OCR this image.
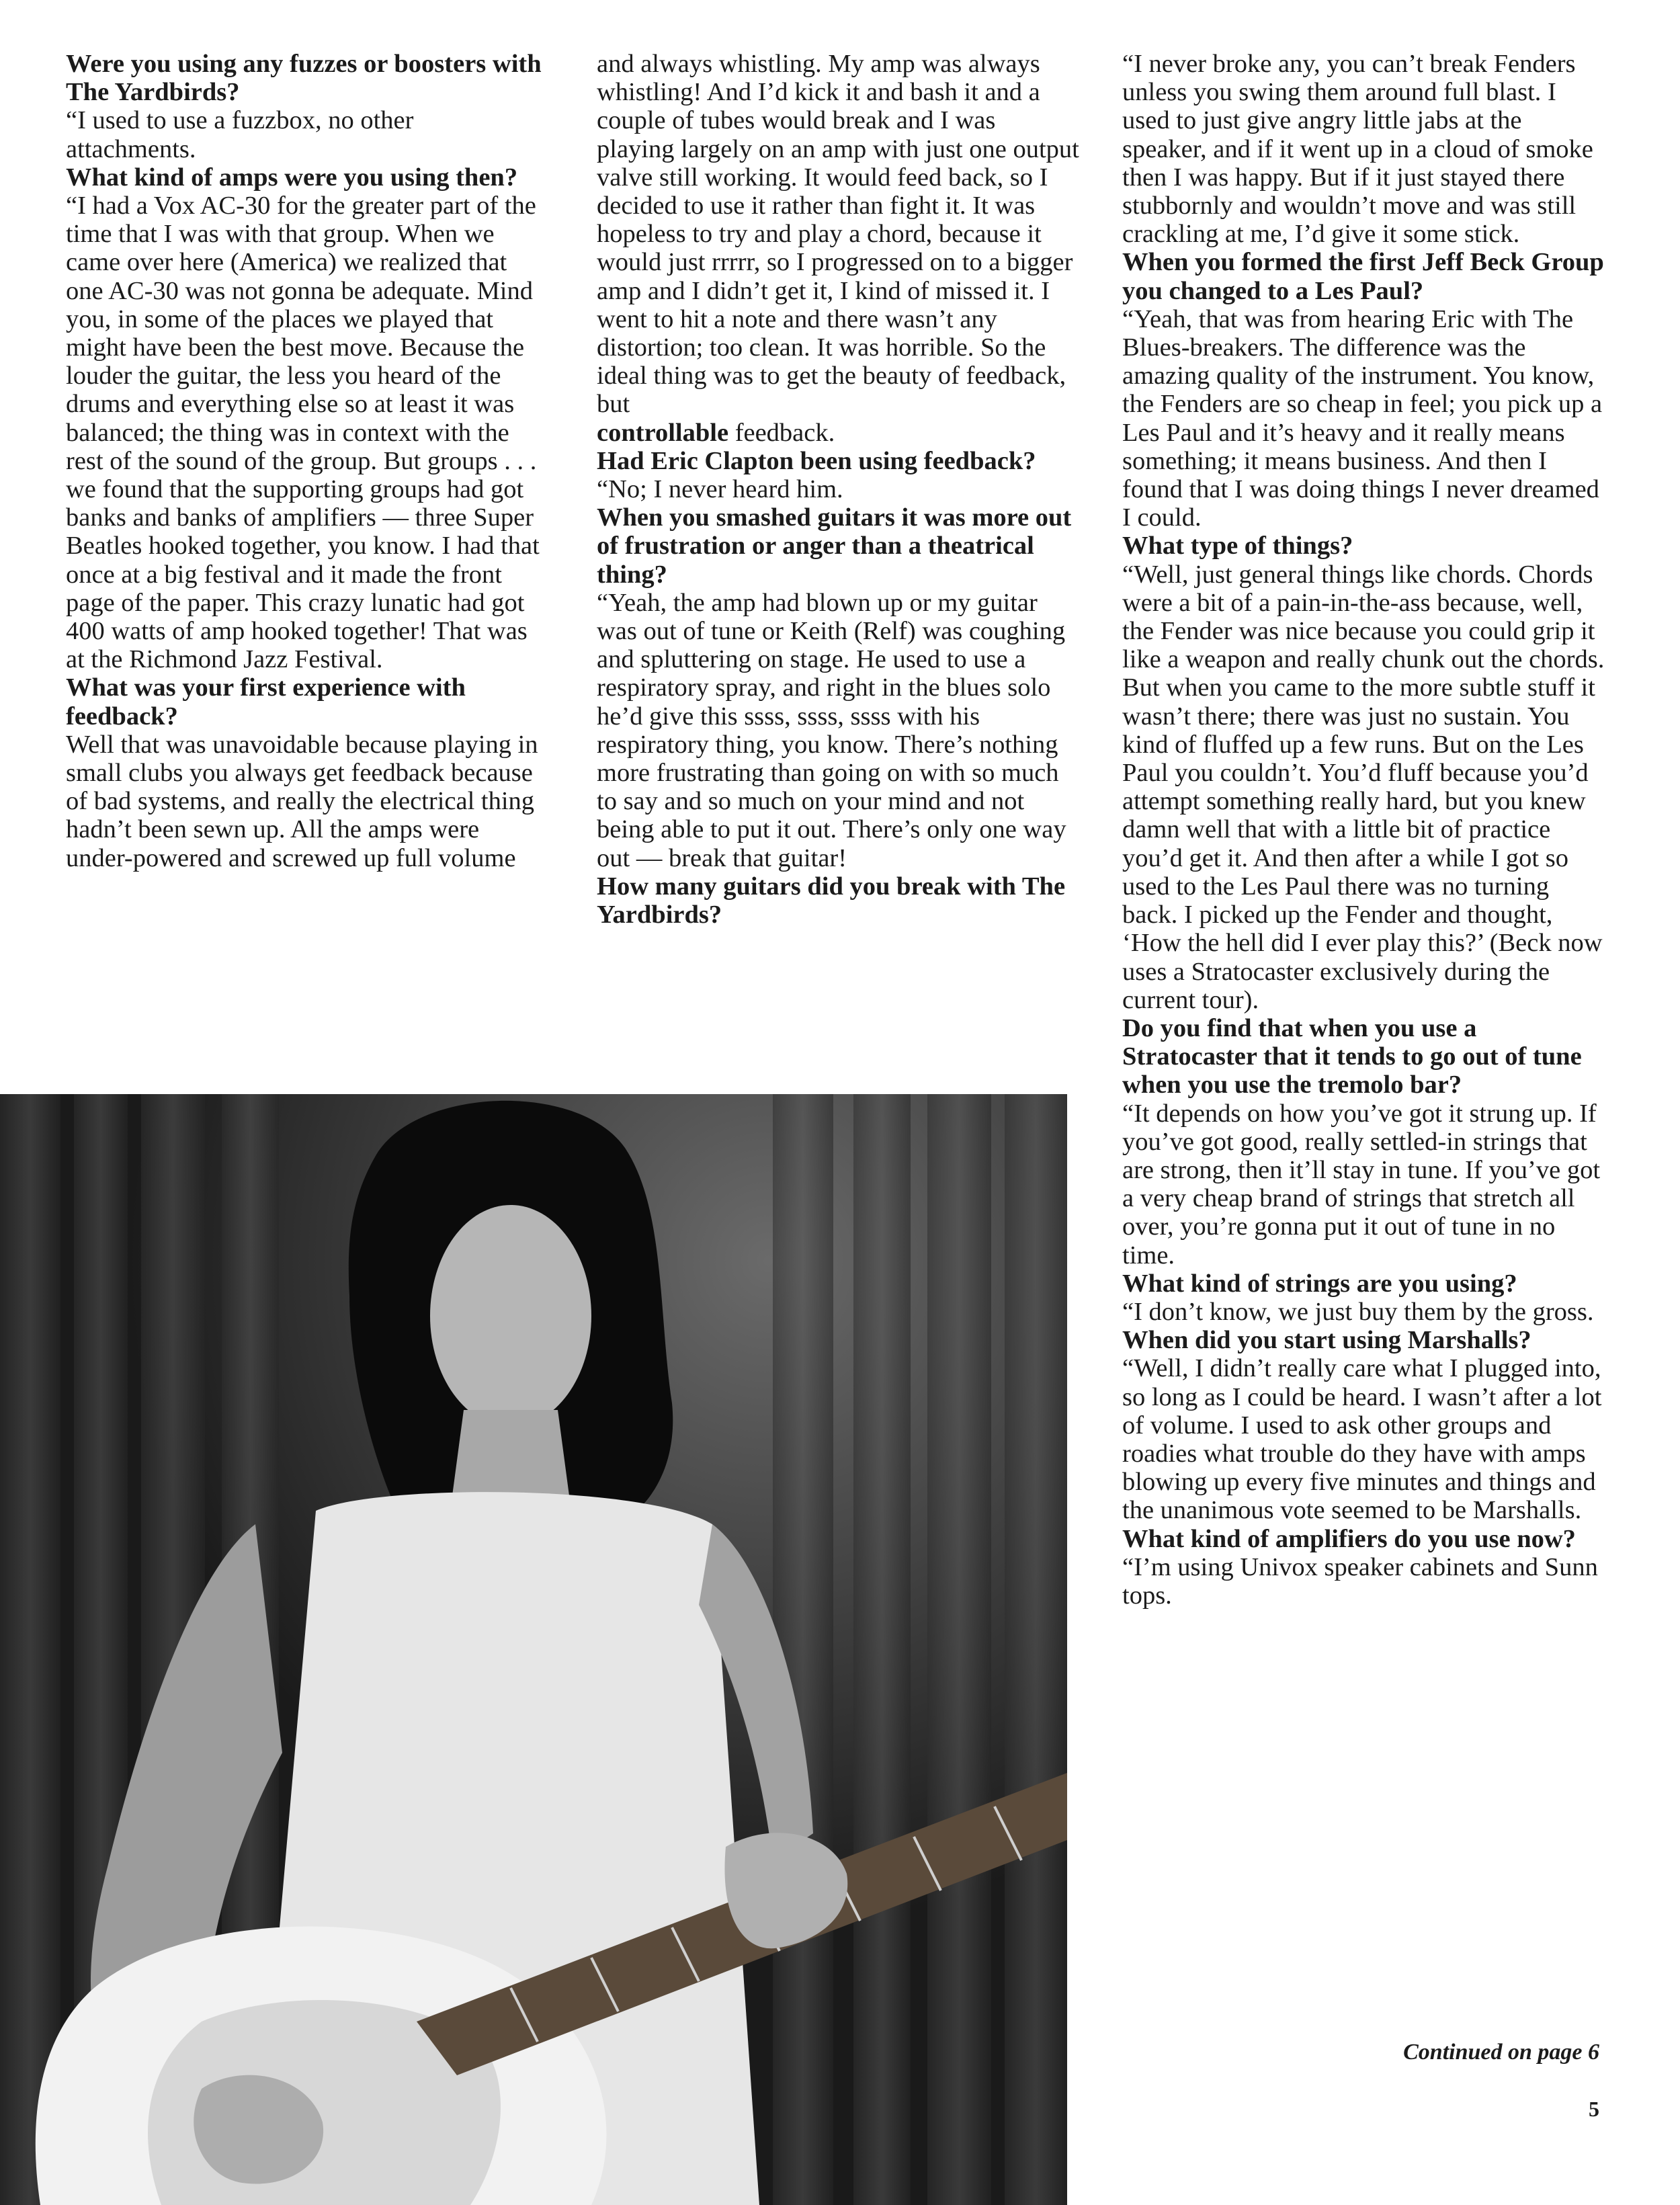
Were you using any fuzzes or boosters with The Yardbirds?

“I used to use a fuzzbox, no other attachments.

What kind of amps were you using then?

“I had a Vox AC-30 for the greater part of the time that I was with that group. When we came over here (America) we realized that one AC-30 was not gonna be adequate. Mind you, in some of the places we played that might have been the best move. Because the louder the guitar, the less you heard of the drums and everything else so at least it was balanced; the thing was in context with the rest of the sound of the group. But groups . . . we found that the supporting groups had got banks and banks of amplifiers — three Super Beatles hooked together, you know. I had that once at a big festival and it made the front page of the paper. This crazy lunatic had got 400 watts of amp hooked together! That was at the Richmond Jazz Festival.

What was your first experience with feedback?

Well that was unavoidable because playing in small clubs you always get feedback because of bad systems, and really the electrical thing hadn’t been sewn up. All the amps were under-powered and screwed up full volume

and always whistling. My amp was always whistling! And I’d kick it and bash it and a couple of tubes would break and I was playing largely on an amp with just one output valve still working. It would feed back, so I decided to use it rather than fight it. It was hopeless to try and play a chord, because it would just rrrrr, so I progressed on to a bigger amp and I didn’t get it, I kind of missed it. I went to hit a note and there wasn’t any distortion; too clean. It was horrible. So the ideal thing was to get the beauty of feedback, but

controllable feedback.

Had Eric Clapton been using feedback?

“No; I never heard him.

When you smashed guitars it was more out of frustration or anger than a theatrical thing?

“Yeah, the amp had blown up or my guitar was out of tune or Keith (Relf) was coughing and spluttering on stage. He used to use a respiratory spray, and right in the blues solo he’d give this ssss, ssss, ssss with his respiratory thing, you know. There’s nothing more frustrating than going on with so much to say and so much on your mind and not being able to put it out. There’s only one way out — break that guitar!

How many guitars did you break with The Yardbirds?

“I never broke any, you can’t break Fenders unless you swing them around full blast. I used to just give angry little jabs at the speaker, and if it went up in a cloud of smoke then I was happy. But if it just stayed there stubbornly and wouldn’t move and was still crackling at me, I’d give it some stick.

When you formed the first Jeff Beck Group you changed to a Les Paul?

“Yeah, that was from hearing Eric with The Blues-breakers. The difference was the amazing quality of the instrument. You know, the Fenders are so cheap in feel; you pick up a Les Paul and it’s heavy and it really means something; it means business. And then I found that I was doing things I never dreamed I could.

What type of things?

“Well, just general things like chords. Chords were a bit of a pain-in-the-ass because, well, the Fender was nice because you could grip it like a weapon and really chunk out the chords. But when you came to the more subtle stuff it wasn’t there; there was just no sustain. You kind of fluffed up a few runs. But on the Les Paul you couldn’t. You’d fluff because you’d attempt something really hard, but you knew damn well that with a little bit of practice you’d get it. And then after a while I got so used to the Les Paul there was no turning back. I picked up the Fender and thought, ‘How the hell did I ever play this?’ (Beck now uses a Stratocaster exclusively during the current tour).

Do you find that when you use a Stratocaster that it tends to go out of tune when you use the tremolo bar?

“It depends on how you’ve got it strung up. If you’ve got good, really settled-in strings that are strong, then it’ll stay in tune. If you’ve got a very cheap brand of strings that stretch all over, you’re gonna put it out of tune in no time.

What kind of strings are you using?

“I don’t know, we just buy them by the gross.

When did you start using Marshalls?

“Well, I didn’t really care what I plugged into, so long as I could be heard. I wasn’t after a lot of volume. I used to ask other groups and roadies what trouble do they have with amps blowing up every five minutes and things and the unanimous vote seemed to be Marshalls.

What kind of amplifiers do you use now?

“I’m using Univox speaker cabinets and Sunn tops.

Continued on page 6
5
